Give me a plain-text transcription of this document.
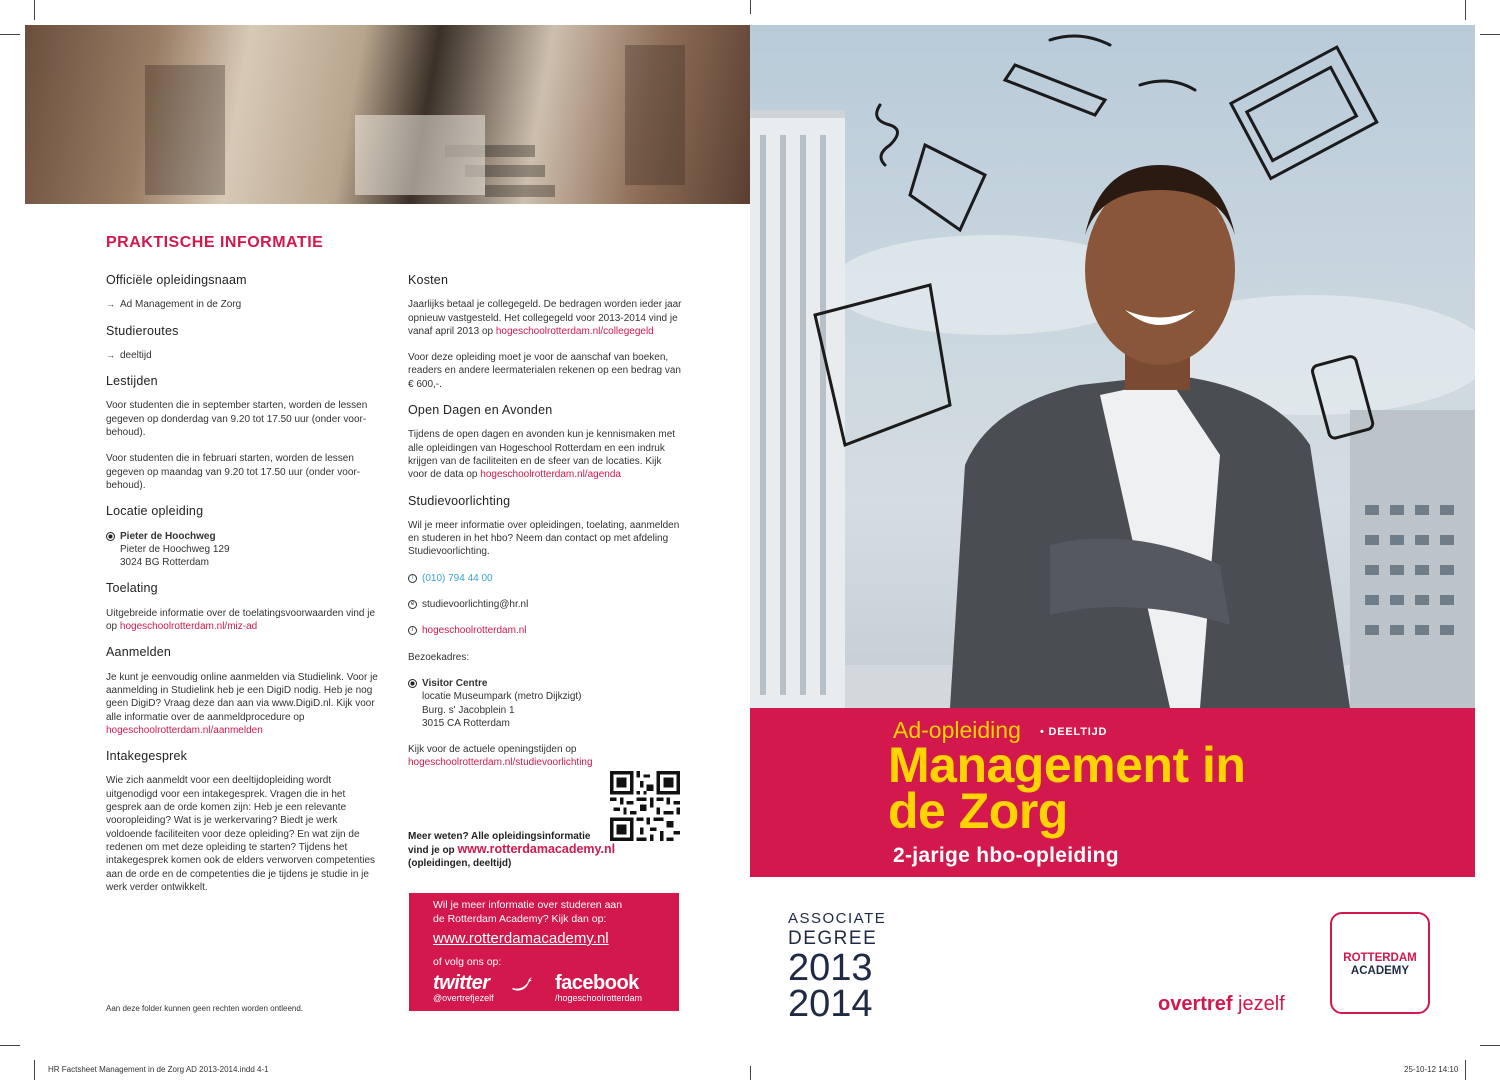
PRAKTISCHE INFORMATIE
Officiële opleidingsnaam
→ Ad Management in de Zorg
Studieroutes
→ deeltijd
Lestijden

Voor studenten die in september starten, worden de lessen gegeven op donderdag van 9.20 tot 17.50 uur (onder voor-behoud).

Voor studenten die in februari starten, worden de lessen gegeven op maandag van 9.20 tot 17.50 uur (onder voor-behoud).

Locatie opleiding
Pieter de Hoochweg
Pieter de Hoochweg 129
3024 BG Rotterdam
Toelating

Uitgebreide informatie over de toelatingsvoorwaarden vind je op hogeschoolrotterdam.nl/miz-ad

Aanmelden

Je kunt je eenvoudig online aanmelden via Studielink. Voor je aanmelding in Studielink heb je een DigiD nodig. Heb je nog geen DigiD? Vraag deze dan aan via www.DigiD.nl. Kijk voor alle informatie over de aanmeldprocedure op
hogeschoolrotterdam.nl/aanmelden

Intakegesprek

Wie zich aanmeldt voor een deeltijdopleiding wordt uitgenodigd voor een intakegesprek. Vragen die in het gesprek aan de orde komen zijn: Heb je een relevante vooropleiding? Wat is je werkervaring? Biedt je werk voldoende faciliteiten voor deze opleiding? En wat zijn de redenen om met deze opleiding te starten? Tijdens het intakegesprek komen ook de elders verworven competenties aan de orde en de competenties die je tijdens je studie in je werk verder ontwikkelt.

Kosten

Jaarlijks betaal je collegegeld. De bedragen worden ieder jaar opnieuw vastgesteld. Het collegegeld voor 2013-2014 vind je vanaf april 2013 op hogeschoolrotterdam.nl/collegegeld

Voor deze opleiding moet je voor de aanschaf van boeken, readers en andere leermaterialen rekenen op een bedrag van € 600,-.

Open Dagen en Avonden

Tijdens de open dagen en avonden kun je kennismaken met alle opleidingen van Hogeschool Rotterdam en een indruk krijgen van de faciliteiten en de sfeer van de locaties. Kijk voor de data op hogeschoolrotterdam.nl/agenda

Studievoorlichting

Wil je meer informatie over opleidingen, toelating, aanmelden en studeren in het hbo? Neem dan contact op met afdeling Studievoorlichting.

t (010) 794 44 00

e studievoorlichting@hr.nl

i hogeschoolrotterdam.nl

Bezoekadres:

Visitor Centre
locatie Museumpark (metro Dijkzigt)
Burg. s' Jacobplein 1
3015 CA Rotterdam

Kijk voor de actuele openingstijden op
hogeschoolrotterdam.nl/studievoorlichting

Meer weten? Alle opleidingsinformatie
vind je op www.rotterdamacademy.nl
(opleidingen, deeltijd)
Wil je meer informatie over studeren aan
de Rotterdam Academy? Kijk dan op:
www.rotterdamacademy.nl
of volg ons op:
twitter
@overtrefjezelf
facebook
/hogeschoolrotterdam
Aan deze folder kunnen geen rechten worden ontleend.
Ad-opleiding • DEELTIJD
Management in
de Zorg
2-jarige hbo-opleiding
ASSOCIATE
DEGREE
2013
2014	overtref jezelf
ROTTERDAM
ACADEMY
HR Factsheet Management in de Zorg AD 2013-2014.indd 4-1	25-10-12 14:10
